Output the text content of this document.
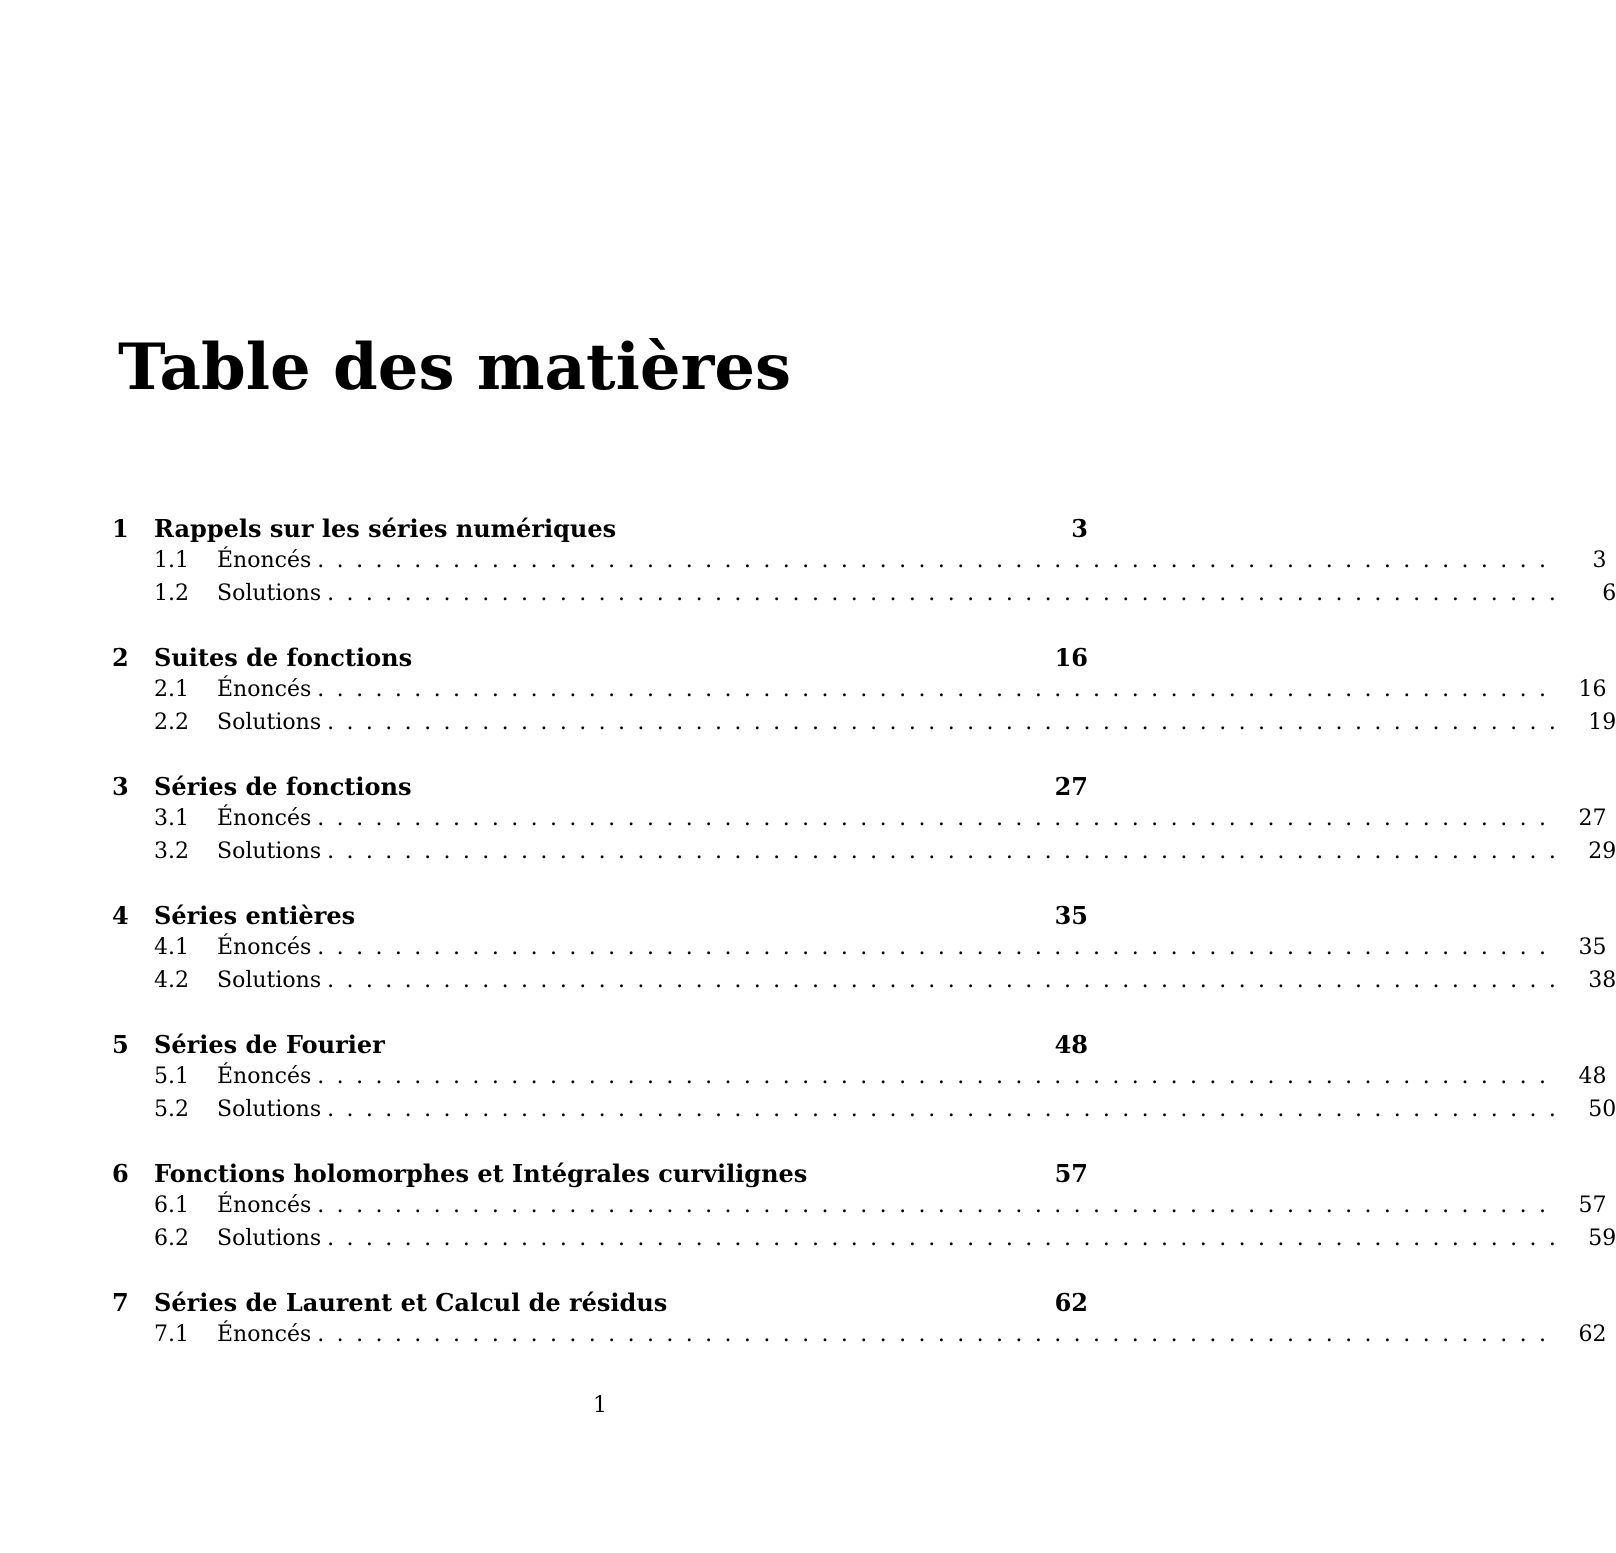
Table des matières
1	Rappels sur les séries numériques	3
1.1	Énoncés ................................................................	3
1.2	Solutions ................................................................	6
2	Suites de fonctions	16
2.1	Énoncés ................................................................ 16
2.2	Solutions ................................................................ 19
3	Séries de fonctions	27
3.1	Énoncés ................................................................ 27
3.2	Solutions ................................................................ 29
4	Séries entières	35
4.1	Énoncés ................................................................ 35
4.2	Solutions ................................................................ 38
5	Séries de Fourier	48
5.1	Énoncés ................................................................ 48
5.2	Solutions ................................................................ 50
6	Fonctions holomorphes et Intégrales curvilignes	57
6.1	Énoncés ................................................................ 57
6.2	Solutions ................................................................ 59
7	Séries de Laurent et Calcul de résidus	62
7.1	Énoncés ................................................................ 62
1
